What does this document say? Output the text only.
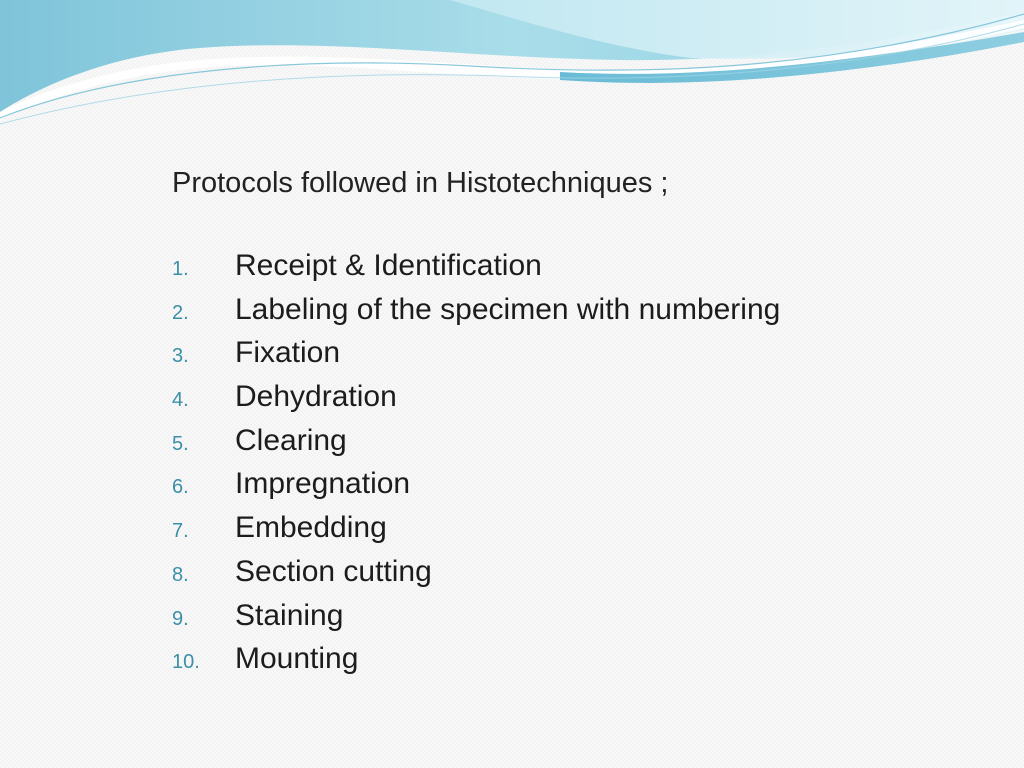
Protocols followed in Histotechniques ;

1.	Receipt & Identification
2.	Labeling of the specimen with numbering
3.	Fixation
4.	Dehydration
5.	Clearing
6.	Impregnation
7.	Embedding
8.	Section cutting
9.	Staining
10.	Mounting
